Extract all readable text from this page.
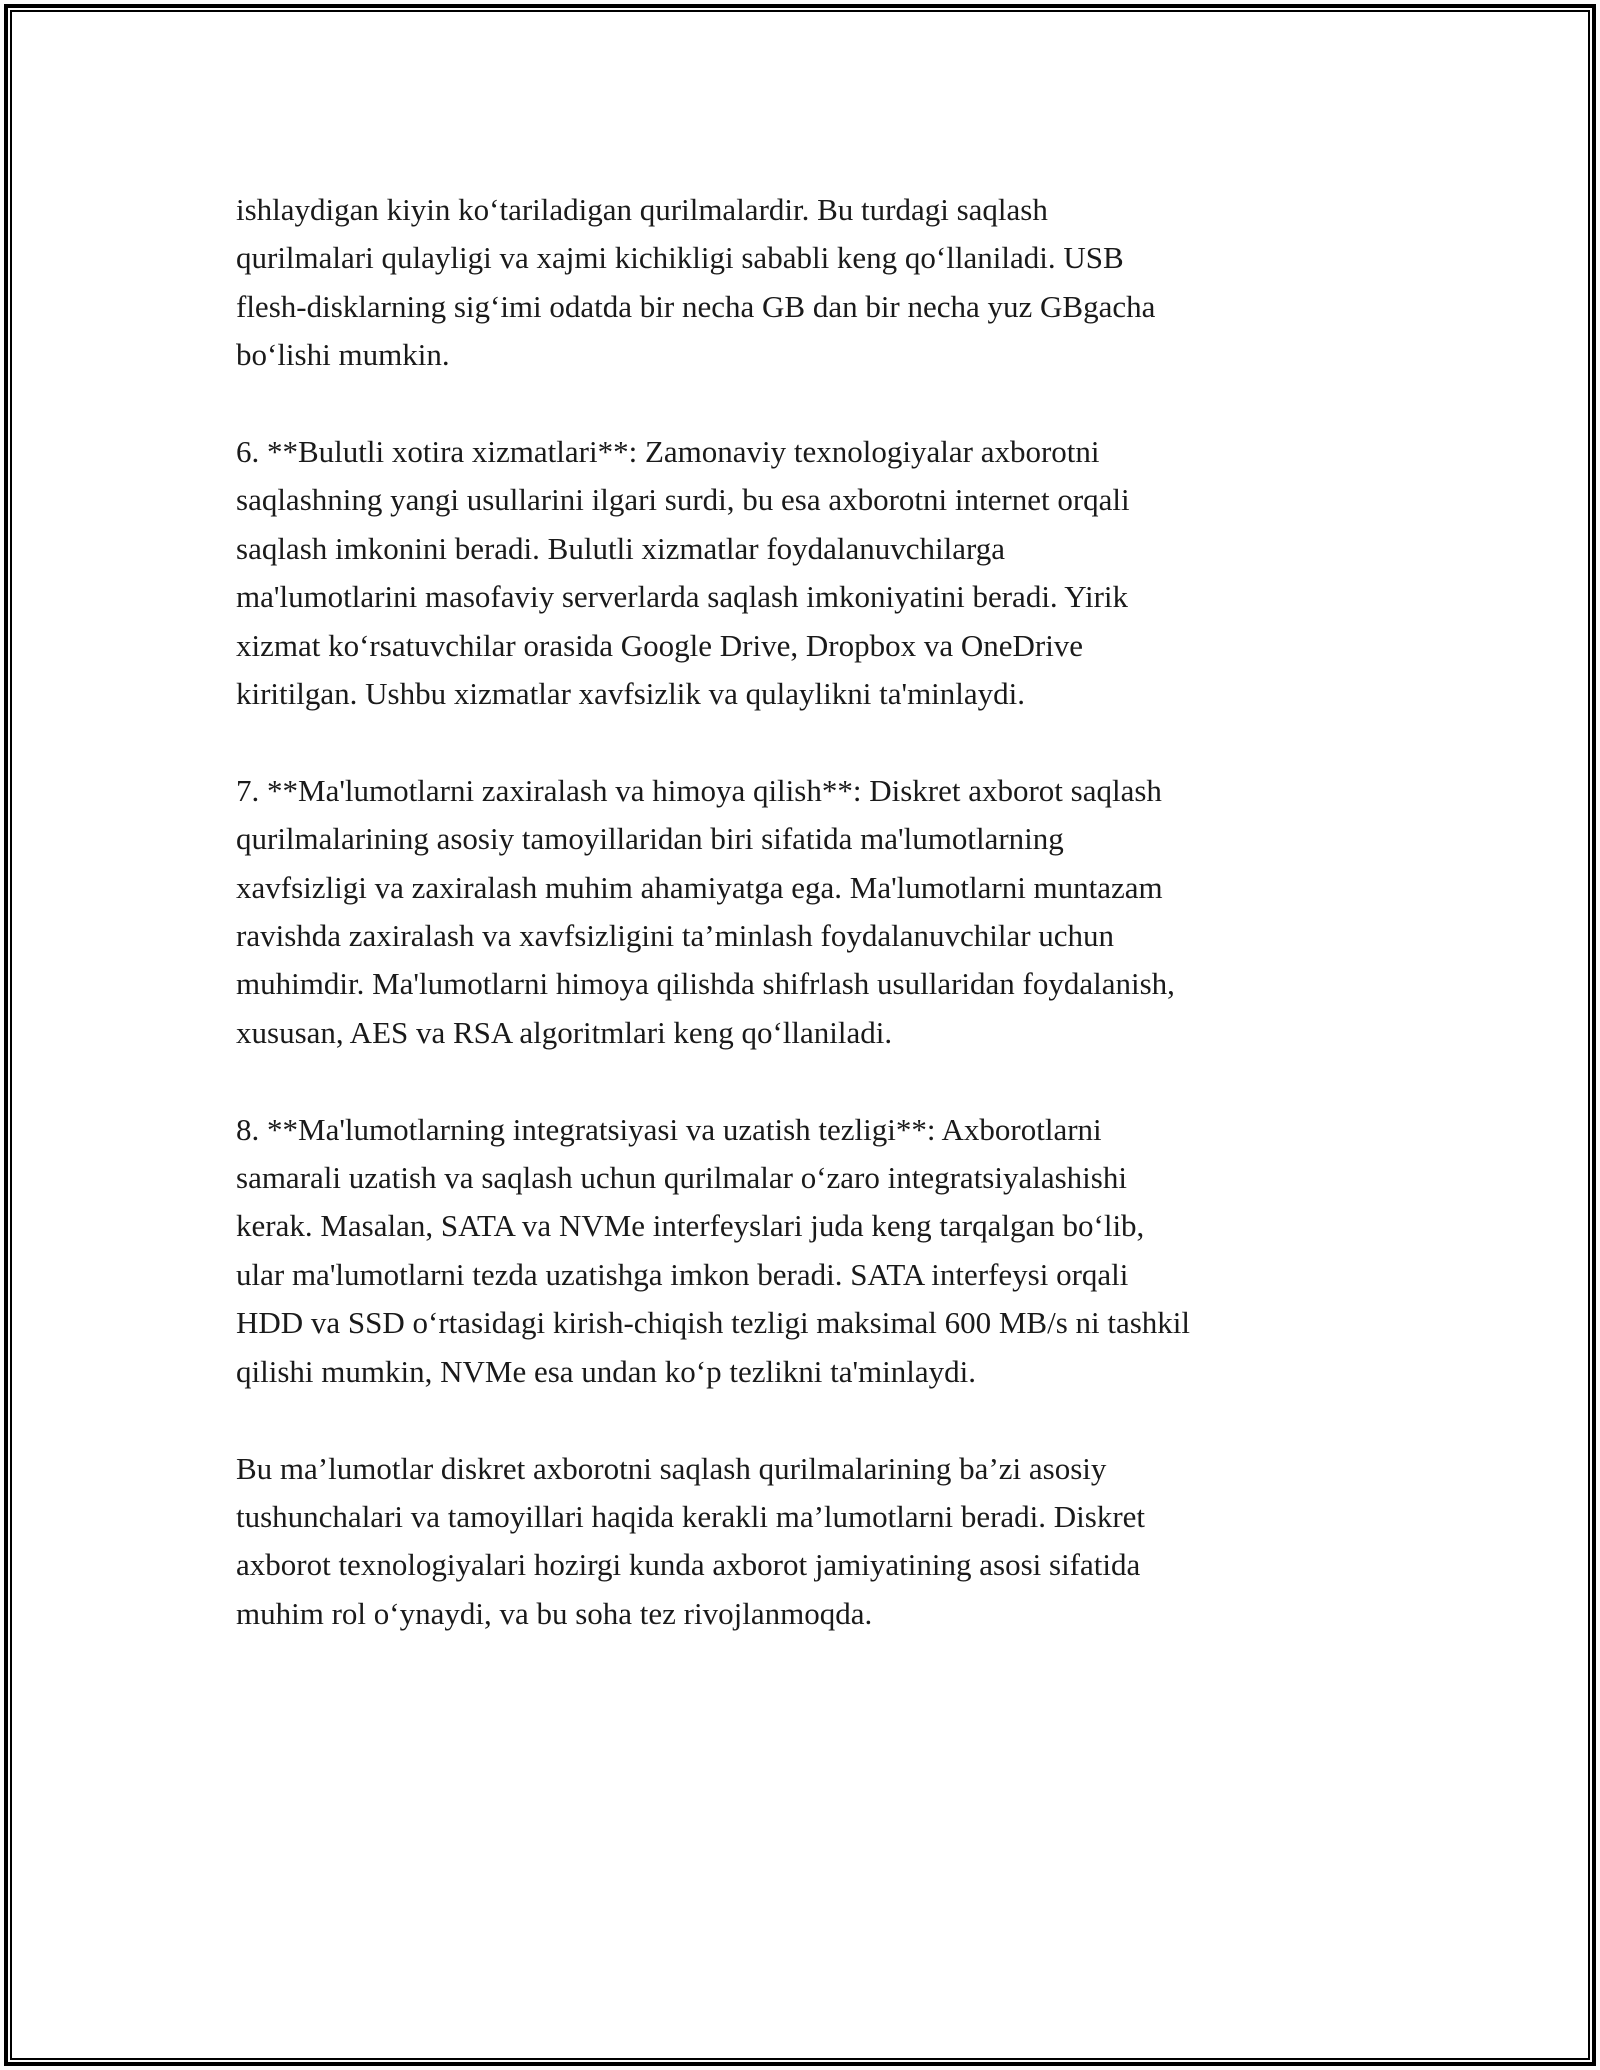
ishlaydigan kiyin ko‘tariladigan qurilmalardir. Bu turdagi saqlash
qurilmalari qulayligi va xajmi kichikligi sababli keng qo‘llaniladi. USB
flesh-disklarning sig‘imi odatda bir necha GB dan bir necha yuz GBgacha
bo‘lishi mumkin.

6. **Bulutli xotira xizmatlari**: Zamonaviy texnologiyalar axborotni
saqlashning yangi usullarini ilgari surdi, bu esa axborotni internet orqali
saqlash imkonini beradi. Bulutli xizmatlar foydalanuvchilarga
ma'lumotlarini masofaviy serverlarda saqlash imkoniyatini beradi. Yirik
xizmat ko‘rsatuvchilar orasida Google Drive, Dropbox va OneDrive
kiritilgan. Ushbu xizmatlar xavfsizlik va qulaylikni ta'minlaydi.

7. **Ma'lumotlarni zaxiralash va himoya qilish**: Diskret axborot saqlash
qurilmalarining asosiy tamoyillaridan biri sifatida ma'lumotlarning
xavfsizligi va zaxiralash muhim ahamiyatga ega. Ma'lumotlarni muntazam
ravishda zaxiralash va xavfsizligini ta’minlash foydalanuvchilar uchun
muhimdir. Ma'lumotlarni himoya qilishda shifrlash usullaridan foydalanish,
xususan, AES va RSA algoritmlari keng qo‘llaniladi.

8. **Ma'lumotlarning integratsiyasi va uzatish tezligi**: Axborotlarni
samarali uzatish va saqlash uchun qurilmalar o‘zaro integratsiyalashishi
kerak. Masalan, SATA va NVMe interfeyslari juda keng tarqalgan bo‘lib,
ular ma'lumotlarni tezda uzatishga imkon beradi. SATA interfeysi orqali
HDD va SSD o‘rtasidagi kirish-chiqish tezligi maksimal 600 MB/s ni tashkil
qilishi mumkin, NVMe esa undan ko‘p tezlikni ta'minlaydi.

Bu ma’lumotlar diskret axborotni saqlash qurilmalarining ba’zi asosiy
tushunchalari va tamoyillari haqida kerakli ma’lumotlarni beradi. Diskret
axborot texnologiyalari hozirgi kunda axborot jamiyatining asosi sifatida
muhim rol o‘ynaydi, va bu soha tez rivojlanmoqda.
